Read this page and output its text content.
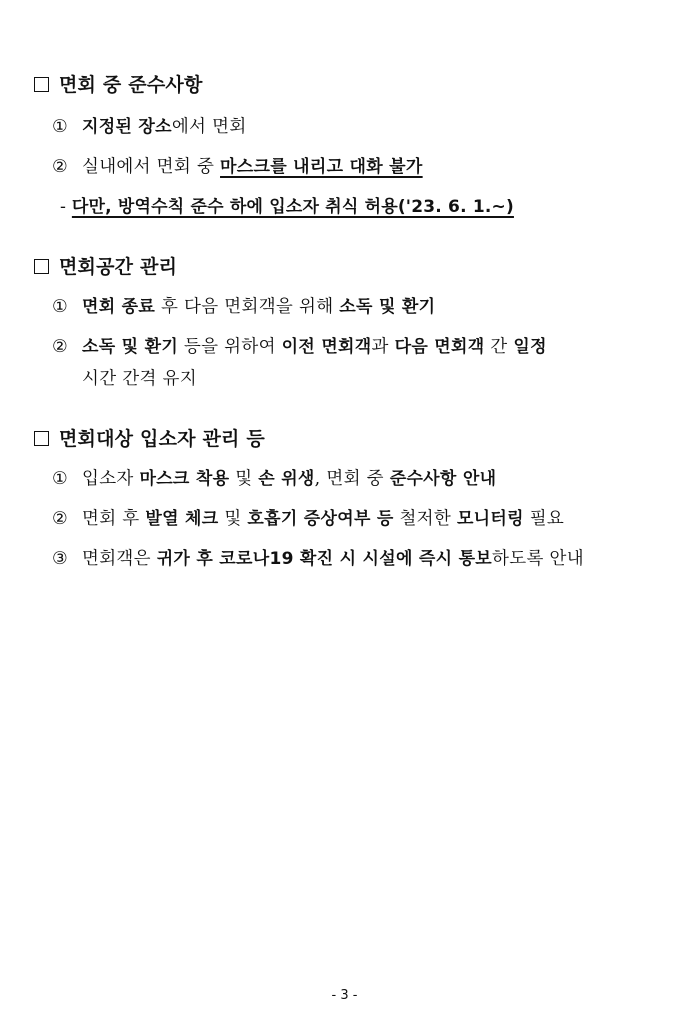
면회 중 준수사항
① 지정된 장소에서 면회
② 실내에서 면회 중 마스크를 내리고 대화 불가
- 다만, 방역수칙 준수 하에 입소자 취식 허용('23. 6. 1.~)
면회공간 관리
① 면회 종료 후 다음 면회객을 위해 소독 및 환기
② 소독 및 환기 등을 위하여 이전 면회객과 다음 면회객 간 일정
시간 간격 유지
면회대상 입소자 관리 등
① 입소자 마스크 착용 및 손 위생, 면회 중 준수사항 안내
② 면회 후 발열 체크 및 호흡기 증상여부 등 철저한 모니터링 필요
③ 면회객은 귀가 후 코로나19 확진 시 시설에 즉시 통보하도록 안내
- 3 -
